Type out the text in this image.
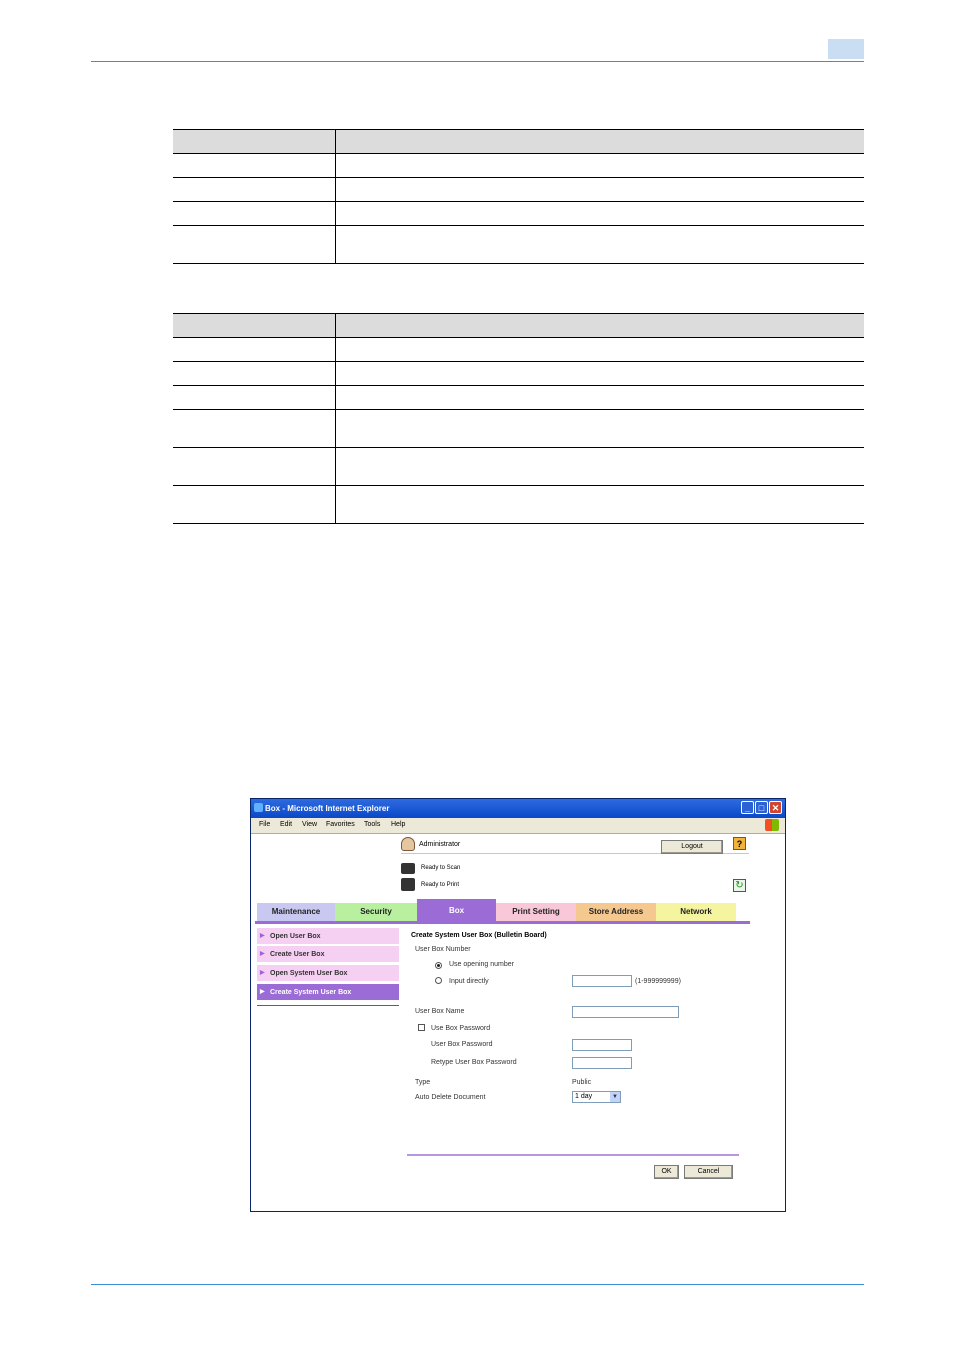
Box - Microsoft Internet Explorer	_ □ ✕
File Edit View Favorites Tools Help
Administrator	Logout	?
Ready to Scan
Ready to Print	↻
Maintenance	Security	Box	Print Setting	Store Address	Network
▶ Open User Box
▶ Create User Box
▶ Open System User Box
▶ Create System User Box
Create System User Box (Bulletin Board)
User Box Number
Use opening number
Input directly	(1-999999999)
User Box Name
Use Box Password
User Box Password
Retype User Box Password
Type	Public
Auto Delete Document	1 day	▼
OK	Cancel
